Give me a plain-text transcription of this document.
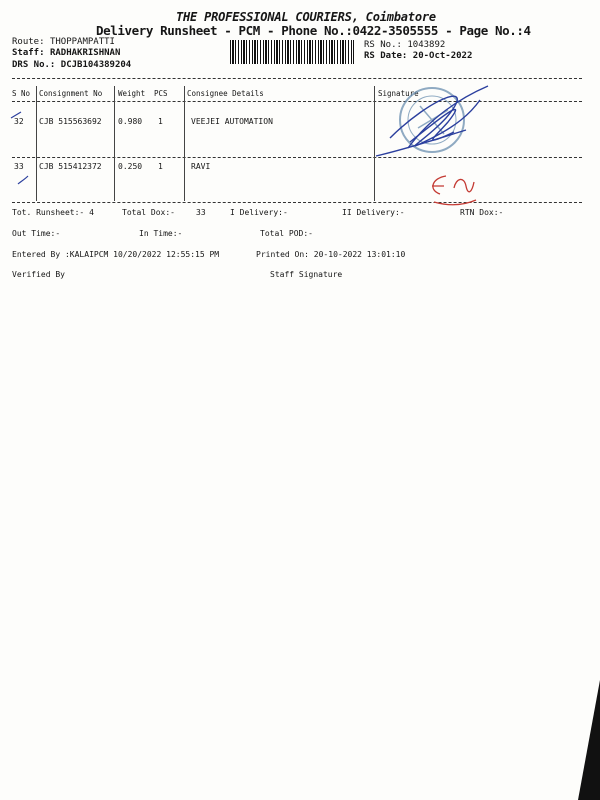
THE PROFESSIONAL COURIERS, Coimbatore
Delivery Runsheet - PCM - Phone No.:0422-3505555 - Page No.:4
Route: THOPPAMPATTI
Staff: RADHAKRISHNAN
DRS No.: DCJB104389204
RS No.: 1043892
RS Date: 20-Oct-2022
S No Consignment No Weight PCS	Consignee Details	Signature
32 CJB 515563692 0.980 1	VEEJEI AUTOMATION
33 CJB 515412372 0.250 1	RAVI
Tot. Runsheet:- 4	Total Dox:-	33	I Delivery:-	II Delivery:-	RTN Dox:-
Out Time:-	In Time:-	Total POD:-
Entered By :KALAIPCM 10/20/2022 12:55:15 PM	Printed On: 20-10-2022 13:01:10
Verified By	Staff Signature
